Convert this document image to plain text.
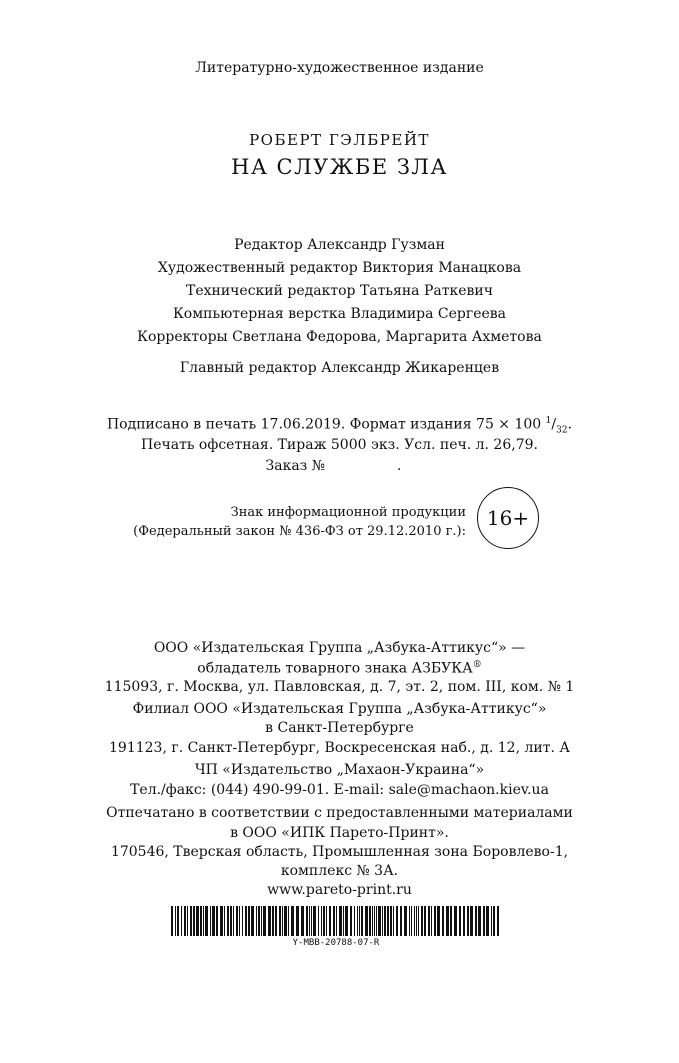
Литературно-художественное издание
РОБЕРТ ГЭЛБРЕЙТ
НА СЛУЖБЕ ЗЛА
Редактор Александр Гузман
Художественный редактор Виктория Манацкова
Технический редактор Татьяна Раткевич
Компьютерная верстка Владимира Сергеева
Корректоры Светлана Федорова, Маргарита Ахметова
Главный редактор Александр Жикаренцев
Подписано в печать 17.06.2019. Формат издания 75 × 100 $^1/_{32}$.
Печать офсетная. Тираж 5000 экз. Усл. печ. л. 26,79.
Заказ №	.
Знак информационной продукции
(Федеральный закон № 436-ФЗ от 29.12.2010 г.):
16+
ООО «Издательская Группа „Азбука-Аттикус“» —
обладатель товарного знака АЗБУКА®
115093, г. Москва, ул. Павловская, д. 7, эт. 2, пом. III, ком. № 1
Филиал ООО «Издательская Группа „Азбука-Аттикус“»
в Санкт-Петербурге
191123, г. Санкт-Петербург, Воскресенская наб., д. 12, лит. А
ЧП «Издательство „Махаон-Украина“»
Тел./факс: (044) 490-99-01. E-mail: sale@machaon.kiev.ua
Отпечатано в соответствии с предоставленными материалами
в ООО «ИПК Парето-Принт».
170546, Тверская область, Промышленная зона Боровлево-1,
комплекс № 3А.
www.pareto-print.ru
Y-MBB-20788-07-R
